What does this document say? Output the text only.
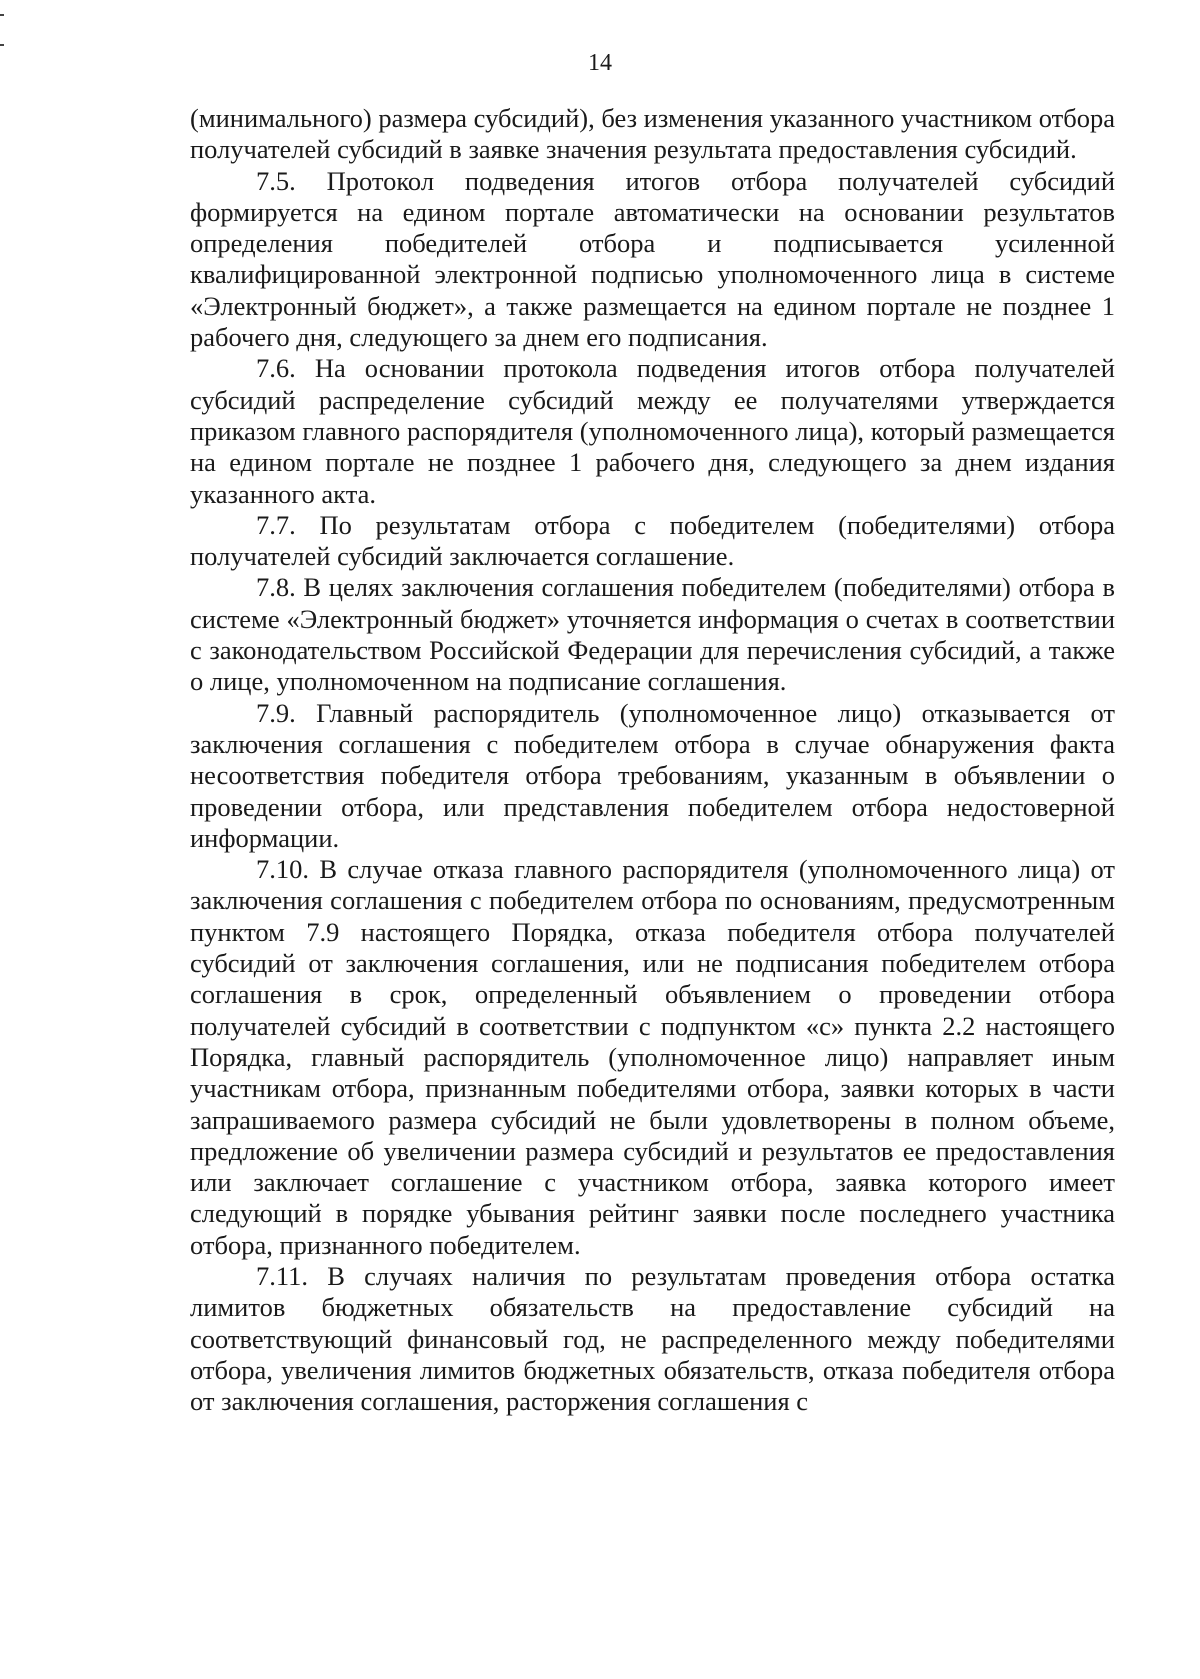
14

(минимального) размера субсидий), без изменения указанного участником отбора получателей субсидий в заявке значения результата предоставления субсидий.

7.5. Протокол подведения итогов отбора получателей субсидий формируется на едином портале автоматически на основании результатов определения победителей отбора и подписывается усиленной квалифицированной электронной подписью уполномоченного лица в системе «Электронный бюджет», а также размещается на едином портале не позднее 1 рабочего дня, следующего за днем его подписания.

7.6. На основании протокола подведения итогов отбора получателей субсидий распределение субсидий между ее получателями утверждается приказом главного распорядителя (уполномоченного лица), который размещается на едином портале не позднее 1 рабочего дня, следующего за днем издания указанного акта.

7.7. По результатам отбора с победителем (победителями) отбора получателей субсидий заключается соглашение.

7.8. В целях заключения соглашения победителем (победителями) отбора в системе «Электронный бюджет» уточняется информация о счетах в соответствии с законодательством Российской Федерации для перечисления субсидий, а также о лице, уполномоченном на подписание соглашения.

7.9. Главный распорядитель (уполномоченное лицо) отказывается от заключения соглашения с победителем отбора в случае обнаружения факта несоответствия победителя отбора требованиям, указанным в объявлении о проведении отбора, или представления победителем отбора недостоверной информации.

7.10. В случае отказа главного распорядителя (уполномоченного лица) от заключения соглашения с победителем отбора по основаниям, предусмотренным пунктом 7.9 настоящего Порядка, отказа победителя отбора получателей субсидий от заключения соглашения, или не подписания победителем отбора соглашения в срок, определенный объявлением о проведении отбора получателей субсидий в соответствии с подпунктом «с» пункта 2.2 настоящего Порядка, главный распорядитель (уполномоченное лицо) направляет иным участникам отбора, признанным победителями отбора, заявки которых в части запрашиваемого размера субсидий не были удовлетворены в полном объеме, предложение об увеличении размера субсидий и результатов ее предоставления или заключает соглашение с участником отбора, заявка которого имеет следующий в порядке убывания рейтинг заявки после последнего участника отбора, признанного победителем.

7.11. В случаях наличия по результатам проведения отбора остатка лимитов бюджетных обязательств на предоставление субсидий на соответствующий финансовый год, не распределенного между победителями отбора, увеличения лимитов бюджетных обязательств, отказа победителя отбора от заключения соглашения, расторжения соглашения с
